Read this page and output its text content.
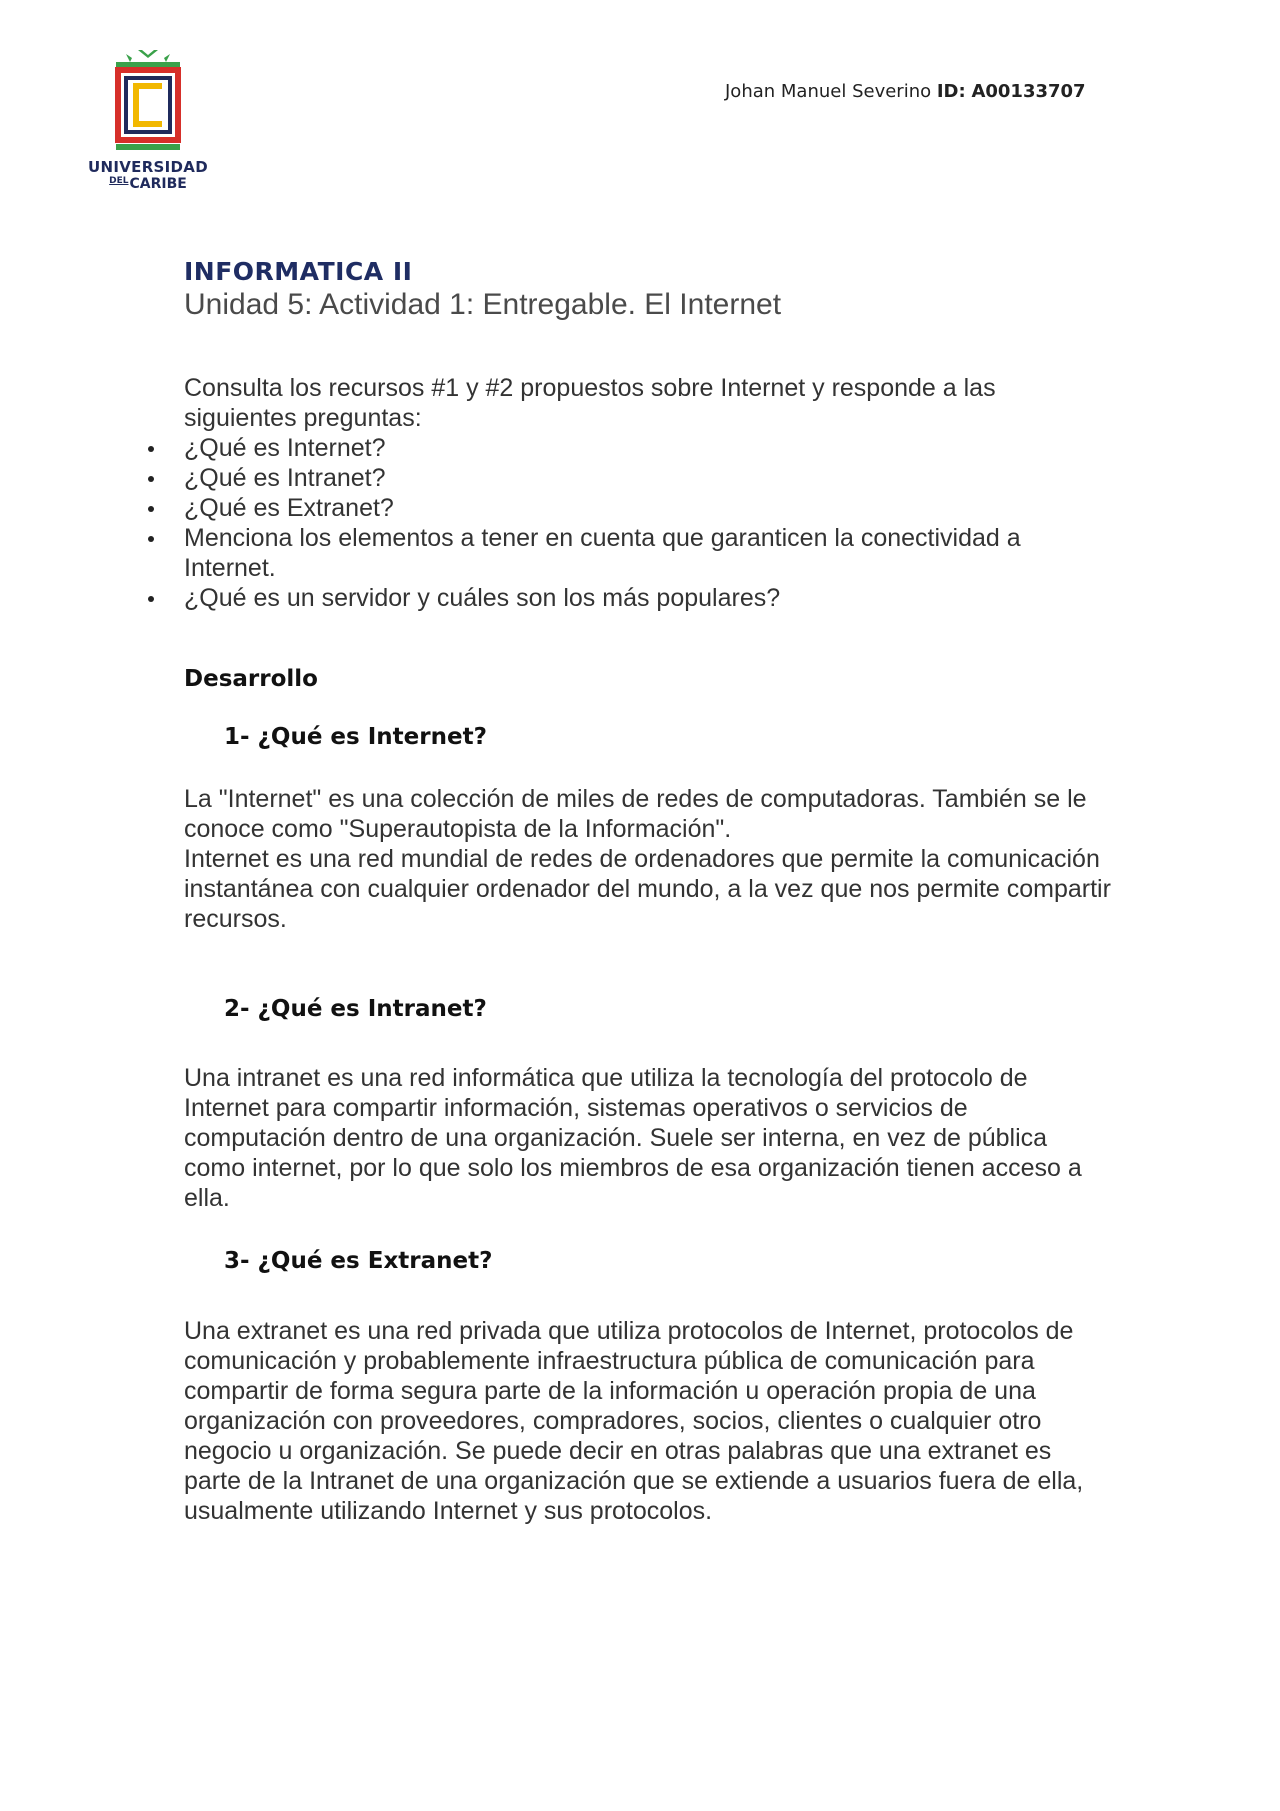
UNIVERSIDAD
$^{DEL}$CARIBE
Johan Manuel Severino ID: A00133707
INFORMATICA II
Unidad 5: Actividad 1: Entregable. El Internet
Consulta los recursos #1 y #2 propuestos sobre Internet y responde a las siguientes preguntas:
¿Qué es Internet?
¿Qué es Intranet?
¿Qué es Extranet?
Menciona los elementos a tener en cuenta que garanticen la conectividad a Internet.
¿Qué es un servidor y cuáles son los más populares?
Desarrollo
1- ¿Qué es Internet?
La "Internet" es una colección de miles de redes de computadoras. También se le conoce como "Superautopista de la Información".
Internet es una red mundial de redes de ordenadores que permite la comunicación instantánea con cualquier ordenador del mundo, a la vez que nos permite compartir recursos.
2- ¿Qué es Intranet?
Una intranet es una red informática que utiliza la tecnología del protocolo de Internet para compartir información, sistemas operativos o servicios de computación dentro de una organización. Suele ser interna, en vez de pública como internet, por lo que solo los miembros de esa organización tienen acceso a ella.
3- ¿Qué es Extranet?
Una extranet es una red privada que utiliza protocolos de Internet, protocolos de comunicación y probablemente infraestructura pública de comunicación para compartir de forma segura parte de la información u operación propia de una organización con proveedores, compradores, socios, clientes o cualquier otro negocio u organización. Se puede decir en otras palabras que una extranet es parte de la Intranet de una organización que se extiende a usuarios fuera de ella, usualmente utilizando Internet y sus protocolos.
